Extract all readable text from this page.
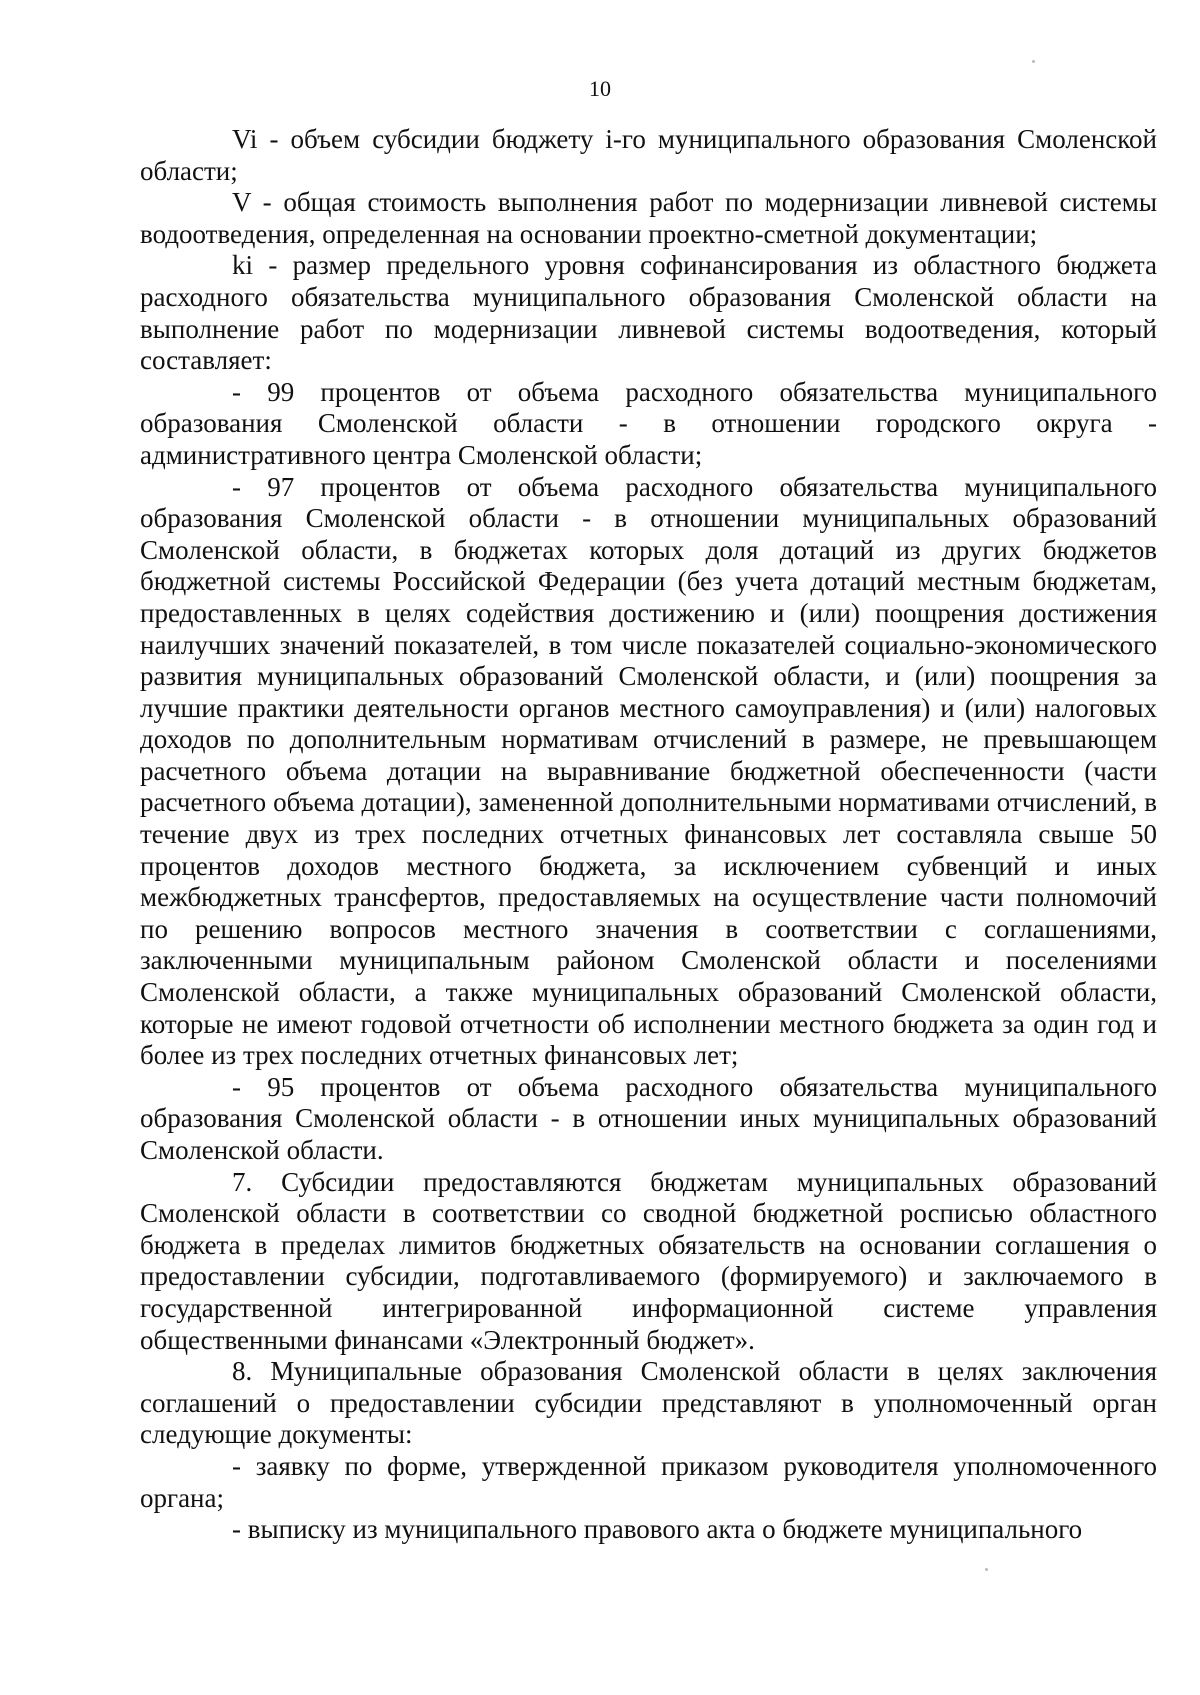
10

Vi - объем субсидии бюджету i-го муниципального образования Смоленской области;

V - общая стоимость выполнения работ по модернизации ливневой системы водоотведения, определенная на основании проектно-сметной документации;

ki - размер предельного уровня софинансирования из областного бюджета расходного обязательства муниципального образования Смоленской области на выполнение работ по модернизации ливневой системы водоотведения, который составляет:

- 99 процентов от объема расходного обязательства муниципального образования Смоленской области - в отношении городского округа - административного центра Смоленской области;

- 97 процентов от объема расходного обязательства муниципального образования Смоленской области - в отношении муниципальных образований Смоленской области, в бюджетах которых доля дотаций из других бюджетов бюджетной системы Российской Федерации (без учета дотаций местным бюджетам, предоставленных в целях содействия достижению и (или) поощрения достижения наилучших значений показателей, в том числе показателей социально-экономического развития муниципальных образований Смоленской области, и (или) поощрения за лучшие практики деятельности органов местного самоуправления) и (или) налоговых доходов по дополнительным нормативам отчислений в размере, не превышающем расчетного объема дотации на выравнивание бюджетной обеспеченности (части расчетного объема дотации), замененной дополнительными нормативами отчислений, в течение двух из трех последних отчетных финансовых лет составляла свыше 50 процентов доходов местного бюджета, за исключением субвенций и иных межбюджетных трансфертов, предоставляемых на осуществление части полномочий по решению вопросов местного значения в соответствии с соглашениями, заключенными муниципальным районом Смоленской области и поселениями Смоленской области, а также муниципальных образований Смоленской области, которые не имеют годовой отчетности об исполнении местного бюджета за один год и более из трех последних отчетных финансовых лет;

- 95 процентов от объема расходного обязательства муниципального образования Смоленской области - в отношении иных муниципальных образований Смоленской области.

7. Субсидии предоставляются бюджетам муниципальных образований Смоленской области в соответствии со сводной бюджетной росписью областного бюджета в пределах лимитов бюджетных обязательств на основании соглашения о предоставлении субсидии, подготавливаемого (формируемого) и заключаемого в государственной интегрированной информационной системе управления общественными финансами «Электронный бюджет».

8. Муниципальные образования Смоленской области в целях заключения соглашений о предоставлении субсидии представляют в уполномоченный орган следующие документы:

- заявку по форме, утвержденной приказом руководителя уполномоченного органа;

- выписку из муниципального правового акта о бюджете муниципального
